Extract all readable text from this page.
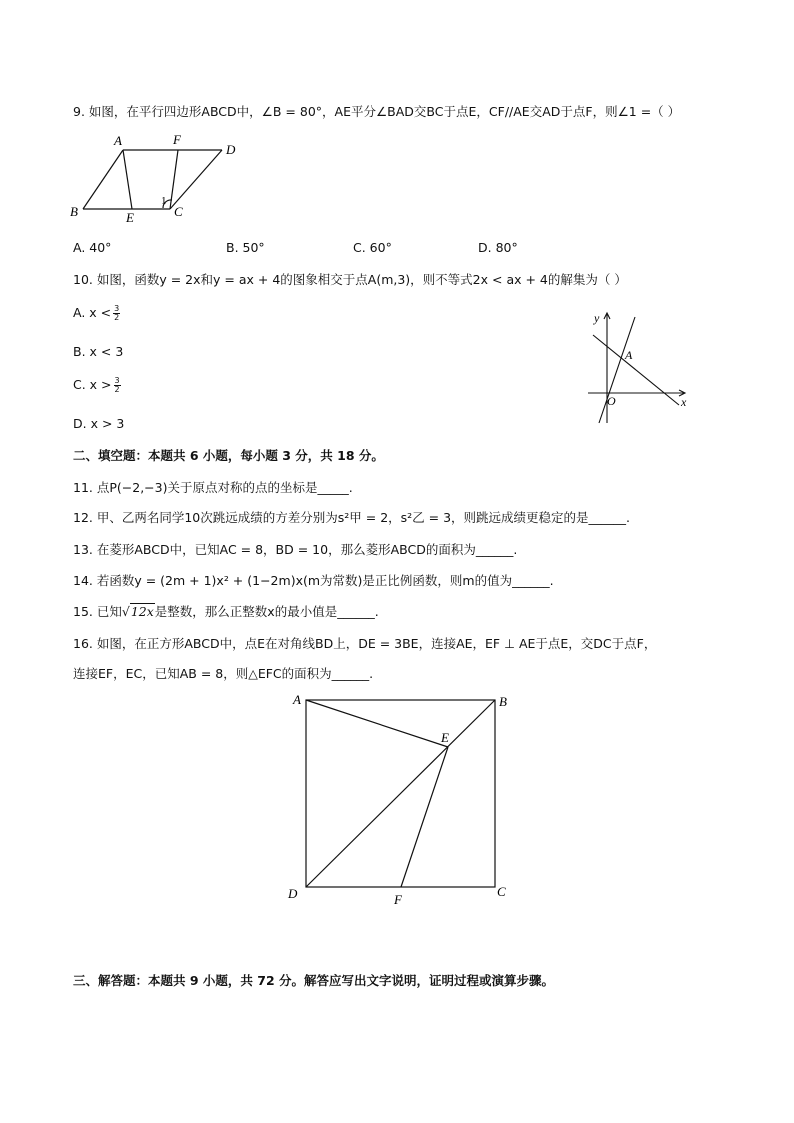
9. 如图，在平行四边形ABCD中，∠B = 80°，AE平分∠BAD交BC于点E，CF//AE交AD于点F，则∠1 =（ ）
A	F
D
B	E	C
1
A. 40°	B. 50°	C. 60°	D. 80°
10. 如图，函数y = 2x和y = ax + 4的图象相交于点A(m,3)，则不等式2x < ax + 4的解集为（ ）
A. $x < \frac{3}{2}$
B. x < 3
C. $x > \frac{3}{2}$
D. x > 3
y
x
O
A
二、填空题：本题共 6 小题，每小题 3 分，共 18 分。
11. 点P(−2,−3)关于原点对称的点的坐标是_____.
12. 甲、乙两名同学10次跳远成绩的方差分别为s²甲 = 2，s²乙 = 3，则跳远成绩更稳定的是______.
13. 在菱形ABCD中，已知AC = 8，BD = 10，那么菱形ABCD的面积为______.
14. 若函数y = (2m + 1)x² + (1−2m)x(m为常数)是正比例函数，则m的值为______.
15. 已知√12x是整数，那么正整数x的最小值是______.
16. 如图，在正方形ABCD中，点E在对角线BD上，DE = 3BE，连接AE，EF ⊥ AE于点E，交DC于点F，
连接EF，EC，已知AB = 8，则△EFC的面积为______.
A	B
C
D
E
F
三、解答题：本题共 9 小题，共 72 分。解答应写出文字说明，证明过程或演算步骤。
